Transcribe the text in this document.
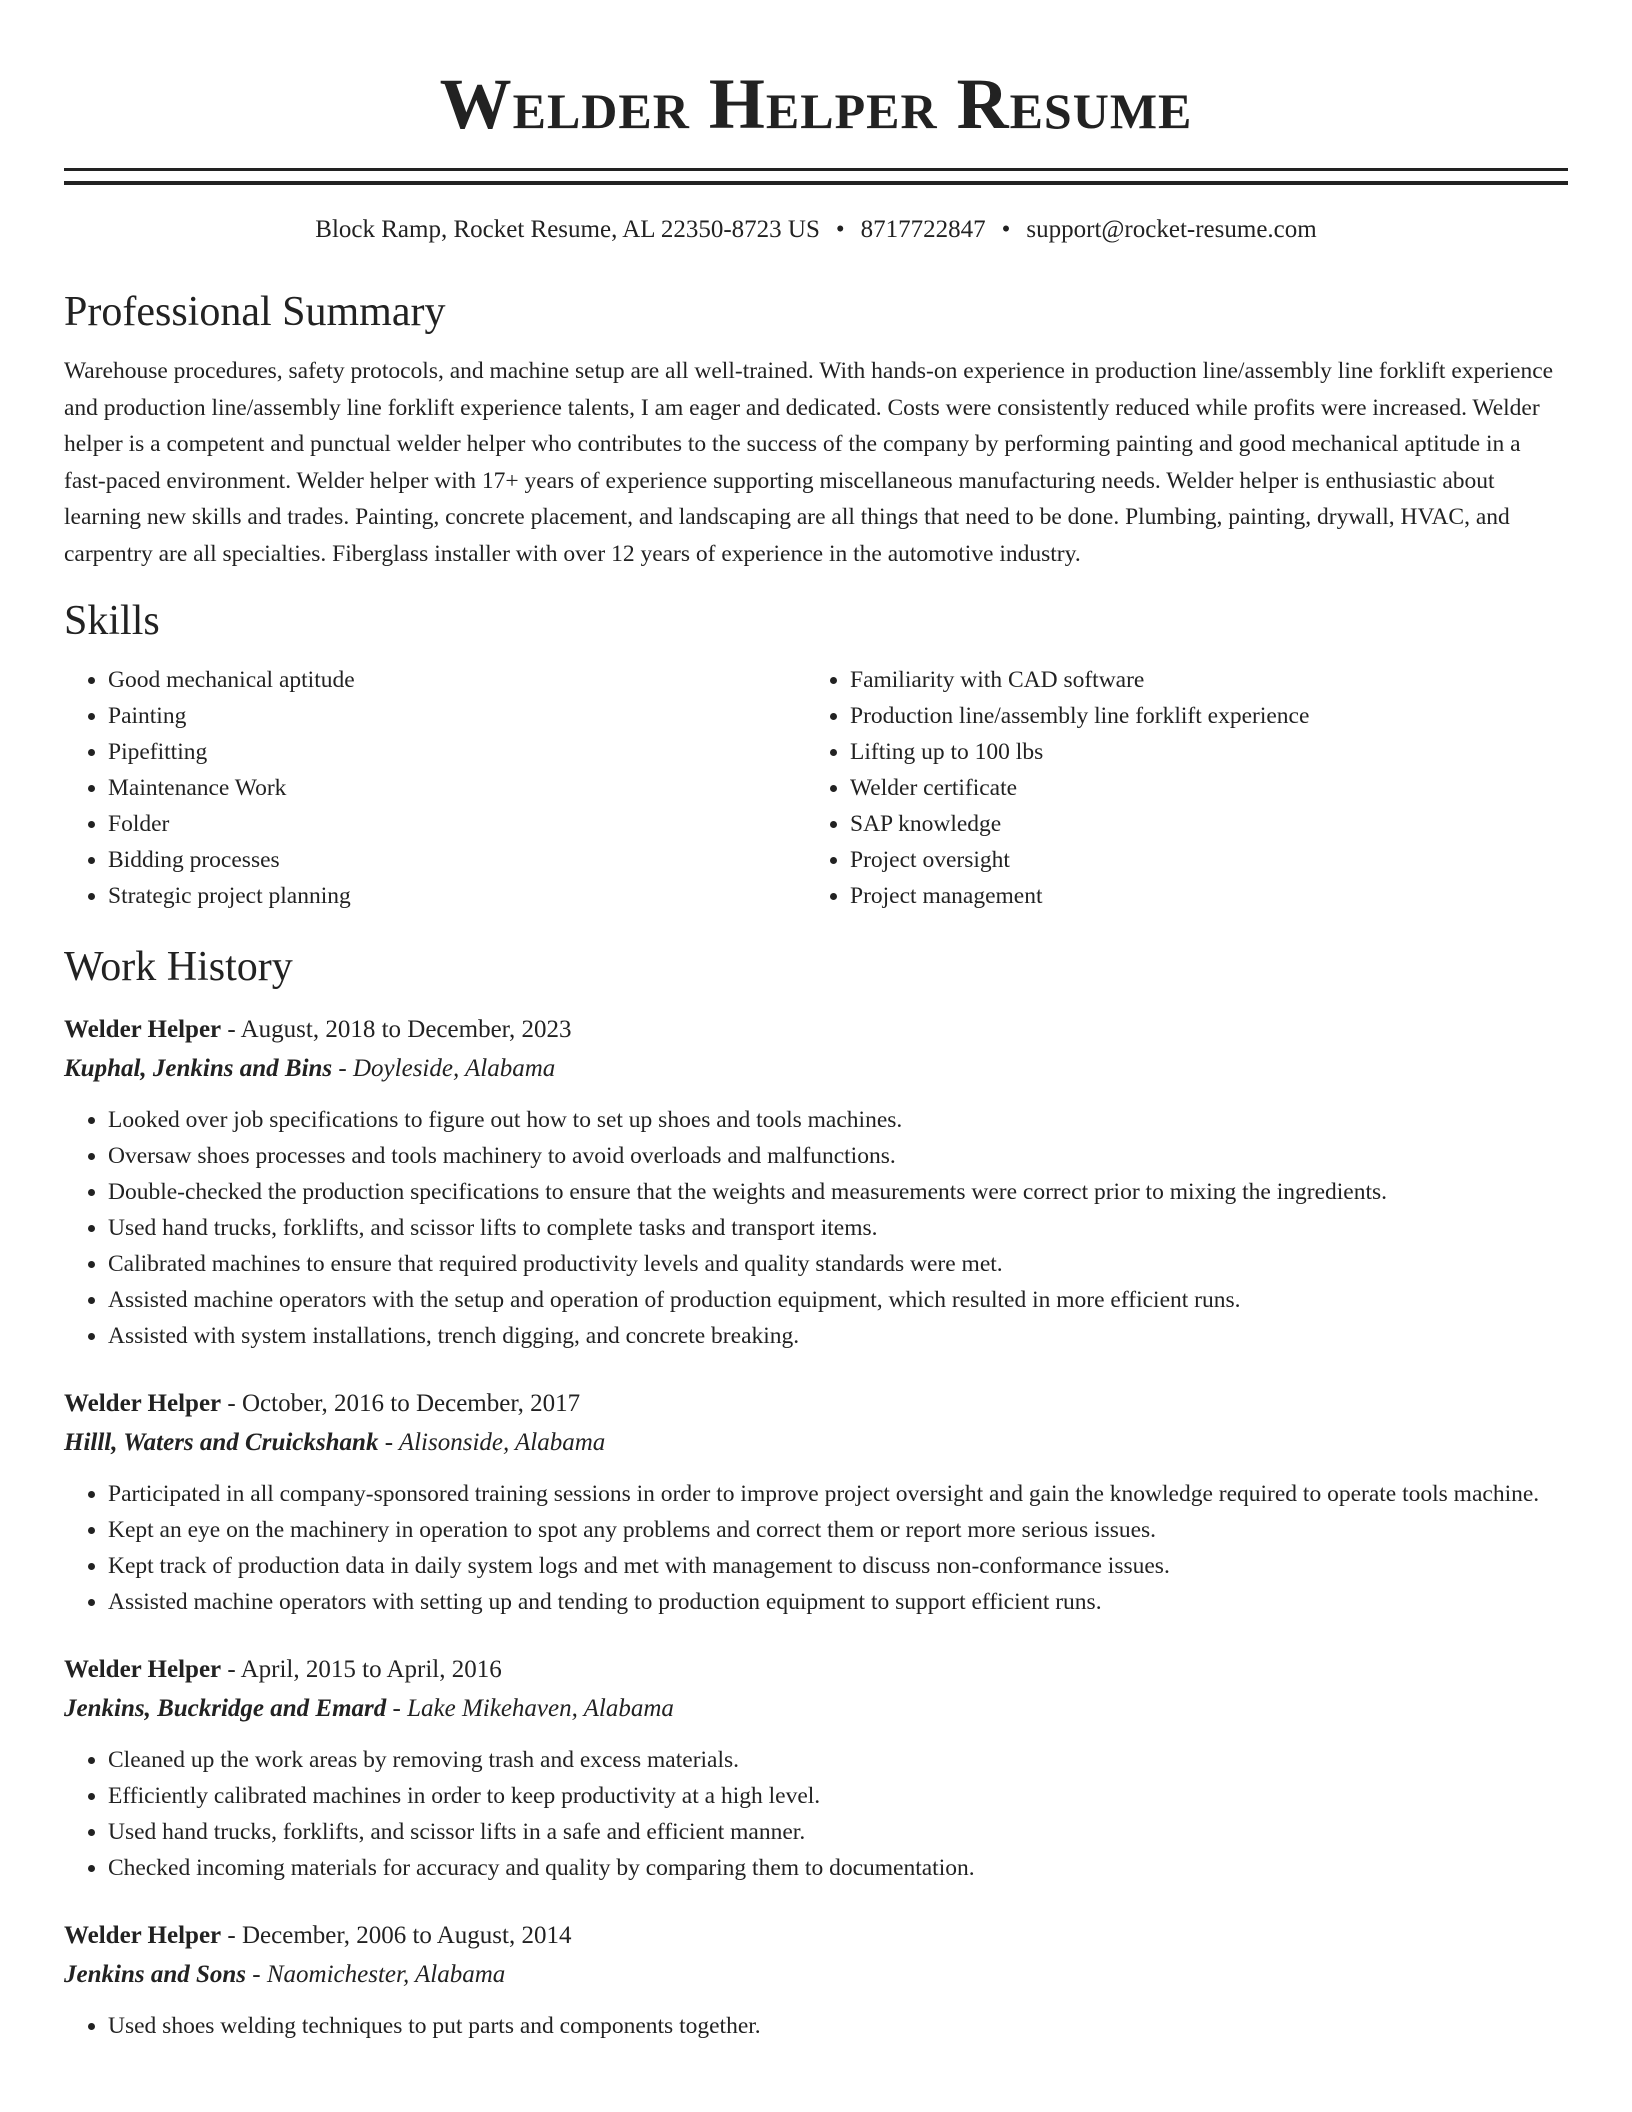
Welder Helper Resume
Block Ramp, Rocket Resume, AL 22350-8723 US • 8717722847 • support@rocket-resume.com
Professional Summary

Warehouse procedures, safety protocols, and machine setup are all well-trained. With hands-on experience in production line/assembly line forklift experience and production line/assembly line forklift experience talents, I am eager and dedicated. Costs were consistently reduced while profits were increased. Welder helper is a competent and punctual welder helper who contributes to the success of the company by performing painting and good mechanical aptitude in a fast-paced environment. Welder helper with 17+ years of experience supporting miscellaneous manufacturing needs. Welder helper is enthusiastic about learning new skills and trades. Painting, concrete placement, and landscaping are all things that need to be done. Plumbing, painting, drywall, HVAC, and carpentry are all specialties. Fiberglass installer with over 12 years of experience in the automotive industry.

Skills
• Good mechanical aptitude
• Painting
• Pipefitting
• Maintenance Work
• Folder
• Bidding processes
• Strategic project planning
• Familiarity with CAD software
• Production line/assembly line forklift experience
• Lifting up to 100 lbs
• Welder certificate
• SAP knowledge
• Project oversight
• Project management
Work History
Welder Helper - August, 2018 to December, 2023
Kuphal, Jenkins and Bins - Doyleside, Alabama
• Looked over job specifications to figure out how to set up shoes and tools machines.
• Oversaw shoes processes and tools machinery to avoid overloads and malfunctions.
• Double-checked the production specifications to ensure that the weights and measurements were correct prior to mixing the ingredients.
• Used hand trucks, forklifts, and scissor lifts to complete tasks and transport items.
• Calibrated machines to ensure that required productivity levels and quality standards were met.
• Assisted machine operators with the setup and operation of production equipment, which resulted in more efficient runs.
• Assisted with system installations, trench digging, and concrete breaking.
Welder Helper - October, 2016 to December, 2017
Hilll, Waters and Cruickshank - Alisonside, Alabama
• Participated in all company-sponsored training sessions in order to improve project oversight and gain the knowledge required to operate tools machine.
• Kept an eye on the machinery in operation to spot any problems and correct them or report more serious issues.
• Kept track of production data in daily system logs and met with management to discuss non-conformance issues.
• Assisted machine operators with setting up and tending to production equipment to support efficient runs.
Welder Helper - April, 2015 to April, 2016
Jenkins, Buckridge and Emard - Lake Mikehaven, Alabama
• Cleaned up the work areas by removing trash and excess materials.
• Efficiently calibrated machines in order to keep productivity at a high level.
• Used hand trucks, forklifts, and scissor lifts in a safe and efficient manner.
• Checked incoming materials for accuracy and quality by comparing them to documentation.
Welder Helper - December, 2006 to August, 2014
Jenkins and Sons - Naomichester, Alabama
• Used shoes welding techniques to put parts and components together.
